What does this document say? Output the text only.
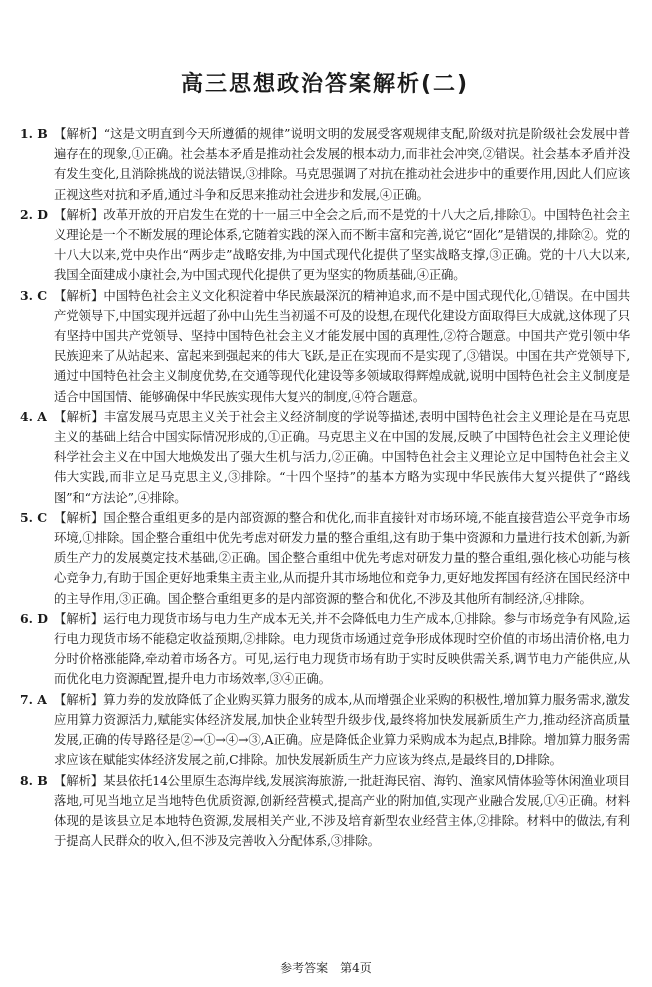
高三思想政治答案解析(二)
1. B 【解析】“这是文明直到今天所遵循的规律”说明文明的发展受客观规律支配,阶级对抗是阶级社会发展中普遍存在的现象,①正确。社会基本矛盾是推动社会发展的根本动力,而非社会冲突,②错误。社会基本矛盾并没有发生变化,且消除挑战的说法错误,③排除。马克思强调了对抗在推动社会进步中的重要作用,因此人们应该正视这些对抗和矛盾,通过斗争和反思来推动社会进步和发展,④正确。
2. D 【解析】改革开放的开启发生在党的十一届三中全会之后,而不是党的十八大之后,排除①。中国特色社会主义理论是一个不断发展的理论体系,它随着实践的深入而不断丰富和完善,说它“固化”是错误的,排除②。党的十八大以来,党中央作出“两步走”战略安排,为中国式现代化提供了坚实战略支撑,③正确。党的十八大以来,我国全面建成小康社会,为中国式现代化提供了更为坚实的物质基础,④正确。
3. C 【解析】中国特色社会主义文化积淀着中华民族最深沉的精神追求,而不是中国式现代化,①错误。在中国共产党领导下,中国实现并远超了孙中山先生当初遥不可及的设想,在现代化建设方面取得巨大成就,这体现了只有坚持中国共产党领导、坚持中国特色社会主义才能发展中国的真理性,②符合题意。中国共产党引领中华民族迎来了从站起来、富起来到强起来的伟大飞跃,是正在实现而不是实现了,③错误。中国在共产党领导下,通过中国特色社会主义制度优势,在交通等现代化建设等多领域取得辉煌成就,说明中国特色社会主义制度是适合中国国情、能够确保中华民族实现伟大复兴的制度,④符合题意。
4. A 【解析】丰富发展马克思主义关于社会主义经济制度的学说等描述,表明中国特色社会主义理论是在马克思主义的基础上结合中国实际情况形成的,①正确。马克思主义在中国的发展,反映了中国特色社会主义理论使科学社会主义在中国大地焕发出了强大生机与活力,②正确。中国特色社会主义理论立足中国特色社会主义伟大实践,而非立足马克思主义,③排除。“十四个坚持”的基本方略为实现中华民族伟大复兴提供了“路线图”和“方法论”,④排除。
5. C 【解析】国企整合重组更多的是内部资源的整合和优化,而非直接针对市场环境,不能直接营造公平竞争市场环境,①排除。国企整合重组中优先考虑对研发力量的整合重组,这有助于集中资源和力量进行技术创新,为新质生产力的发展奠定技术基础,②正确。国企整合重组中优先考虑对研发力量的整合重组,强化核心功能与核心竞争力,有助于国企更好地秉集主责主业,从而提升其市场地位和竞争力,更好地发挥国有经济在国民经济中的主导作用,③正确。国企整合重组更多的是内部资源的整合和优化,不涉及其他所有制经济,④排除。
6. D 【解析】运行电力现货市场与电力生产成本无关,并不会降低电力生产成本,①排除。参与市场竞争有风险,运行电力现货市场不能稳定收益预期,②排除。电力现货市场通过竞争形成体现时空价值的市场出清价格,电力分时价格涨能降,牵动着市场各方。可见,运行电力现货市场有助于实时反映供需关系,调节电力产能供应,从而优化电力资源配置,提升电力市场效率,③④正确。
7. A 【解析】算力券的发放降低了企业购买算力服务的成本,从而增强企业采购的积极性,增加算力服务需求,激发应用算力资源活力,赋能实体经济发展,加快企业转型升级步伐,最终将加快发展新质生产力,推动经济高质量发展,正确的传导路径是②→①→④→③,A正确。应是降低企业算力采购成本为起点,B排除。增加算力服务需求应该在赋能实体经济发展之前,C排除。加快发展新质生产力应该为终点,是最终目的,D排除。
8. B 【解析】某县依托14公里原生态海岸线,发展滨海旅游,一批赶海民宿、海钓、渔家风情体验等休闲渔业项目落地,可见当地立足当地特色优质资源,创新经营模式,提高产业的附加值,实现产业融合发展,①④正确。材料体现的是该县立足本地特色资源,发展相关产业,不涉及培育新型农业经营主体,②排除。材料中的做法,有利于提高人民群众的收入,但不涉及完善收入分配体系,③排除。
参考答案　第4页
